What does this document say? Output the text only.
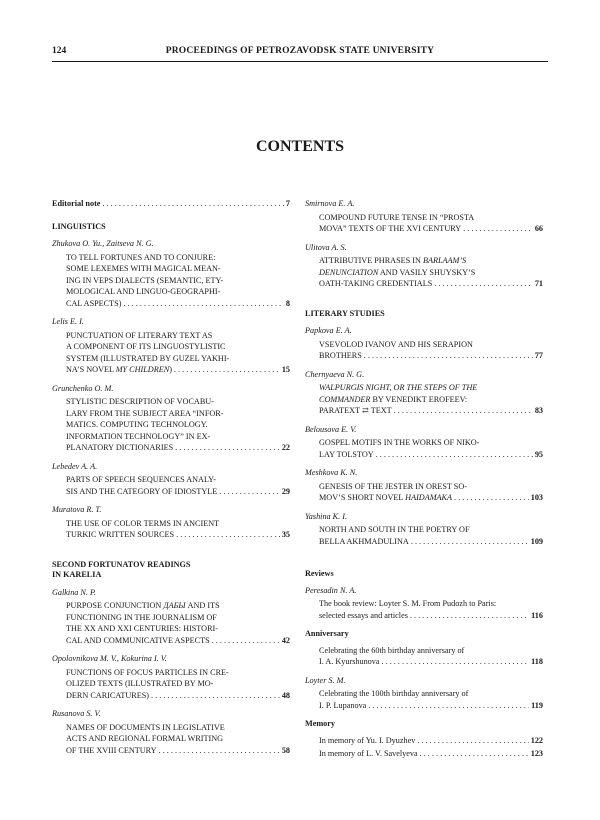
124	PROCEEDINGS OF PETROZAVODSK STATE UNIVERSITY
CONTENTS
Editorial note . . .	7
LINGUISTICS
Zhukova O. Yu., Zaitseva N. G.
TO TELL FORTUNES AND TO CONJURE:
SOME LEXEMES WITH MAGICAL MEAN-
ING IN VEPS DIALECTS (SEMANTIC, ETY-
MOLOGICAL AND LINGUO-GEOGRAPHI-
CAL ASPECTS) . . .	8
Lelis E. I.
PUNCTUATION OF LITERARY TEXT AS
A COMPONENT OF ITS LINGUOSTYLISTIC
SYSTEM (ILLUSTRATED BY GUZEL YAKHI-
NA’S NOVEL MY CHILDREN) . . .	15
Grunchenko O. M.
STYLISTIC DESCRIPTION OF VOCABU-
LARY FROM THE SUBJECT AREA “INFOR-
MATICS. COMPUTING TECHNOLOGY.
INFORMATION TECHNOLOGY” IN EX-
PLANATORY DICTIONARIES . . .	22
Lebedev A. A.
PARTS OF SPEECH SEQUENCES ANALY-
SIS AND THE CATEGORY OF IDIOSTYLE . . .	29
Muratova R. T.
THE USE OF COLOR TERMS IN ANCIENT
TURKIC WRITTEN SOURCES . . .	35
SECOND FORTUNATOV READINGS
IN KARELIA
Galkina N. P.
PURPOSE CONJUNCTION ДАБЫ AND ITS
FUNCTIONING IN THE JOURNALISM OF
THE XX AND XXI CENTURIES: HISTORI-
CAL AND COMMUNICATIVE ASPECTS . . .	42
Opolovnikova M. V., Kokurina I. V.
FUNCTIONS OF FOCUS PARTICLES IN CRE-
OLIZED TEXTS (ILLUSTRATED BY MO-
DERN CARICATURES) . . .	48
Rusanova S. V.
NAMES OF DOCUMENTS IN LEGISLATIVE
ACTS AND REGIONAL FORMAL WRITING
OF THE XVIII CENTURY . . .	58
Smirnova E. A.
COMPOUND FUTURE TENSE IN “PROSTA
MOVA” TEXTS OF THE XVI CENTURY . . .	66
Ulitova A. S.
ATTRIBUTIVE PHRASES IN BARLAAM’S
DENUNCIATION AND VASILY SHUYSKY’S
OATH-TAKING CREDENTIALS . . .	71
LITERARY STUDIES
Papkova E. A.
VSEVOLOD IVANOV AND HIS SERAPION
BROTHERS . . .	77
Chernyaeva N. G.
WALPURGIS NIGHT, OR THE STEPS OF THE
COMMANDER BY VENEDIKT EROFEEV:
PARATEXT ⇄ TEXT . . .	83
Belousova E. V.
GOSPEL MOTIFS IN THE WORKS OF NIKO-
LAY TOLSTOY . . .	95
Meshkova K. N.
GENESIS OF THE JESTER IN OREST SO-
MOV’S SHORT NOVEL HAIDAMAKA . . .	103
Yashina K. I.
NORTH AND SOUTH IN THE POETRY OF
BELLA AKHMADULINA . . .	109
Reviews
Peresadin N. A.
The book review: Loyter S. M. From Pudozh to Paris:
selected essays and articles . . .	116
Anniversary
Celebrating the 60th birthday anniversary of
I. A. Kyurshunova . . .	118
Loyter S. M.
Celebrating the 100th birthday anniversary of
I. P. Lupanova . . .	119
Memory
In memory of Yu. I. Dyuzhev . . .	122
In memory of L. V. Savelyeva . . .	123
